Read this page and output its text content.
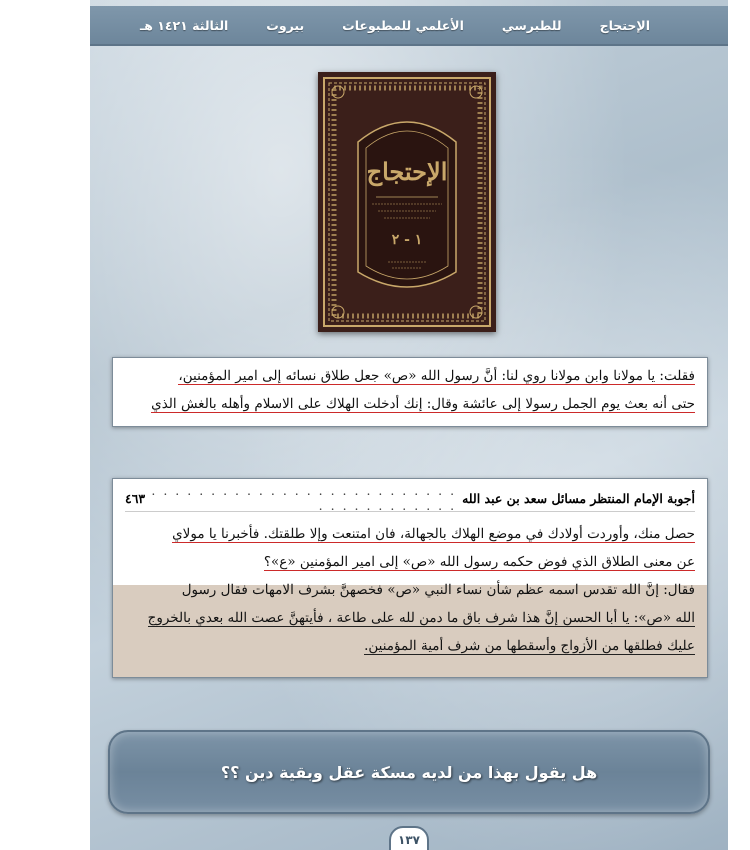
الإحتجاج
للطبرسي
الأعلمي للمطبوعات
بيروت
الثالثة ١٤٢١ هـ
الإحتجاج
١ - ٢
فقلت: يا مولانا وابن مولانا روي لنا: أنَّ رسول الله «ص» جعل طلاق نسائه إلى امير المؤمنين،
حتى أنه بعث يوم الجمل رسولا إلى عائشة وقال: إنك أدخلت الهلاك على الاسلام وأهله بالغش الذي
أجوبة الإمام المنتظر مسائل سعد بن عبد الله
. . . . . . . . . . . . . . . . . . . . . . . . . . . . . . . . . . . . . .
٤٦٣
حصل منك، وأوردت أولادك في موضع الهلاك بالجهالة، فان امتنعت وإلا طلقتك. فأخبرنا يا مولاي
عن معنى الطلاق الذي فوض حكمه رسول الله «ص» إلى امير المؤمنين «ع»؟
فقال: إنَّ الله تقدس اسمه عظم شأن نساء النبي «ص» فخصهنَّ بشرف الامهات فقال رسول
الله «ص»: يا أبا الحسن إنَّ هذا شرف باق ما دمن لله على طاعة ، فأيتهنَّ عصت الله بعدي بالخروج
عليك فطلقها من الأزواج وأسقطها من شرف أمية المؤمنين.
هل يقول بهذا من لديه مسكة عقل وبقية دين ؟؟
١٣٧
